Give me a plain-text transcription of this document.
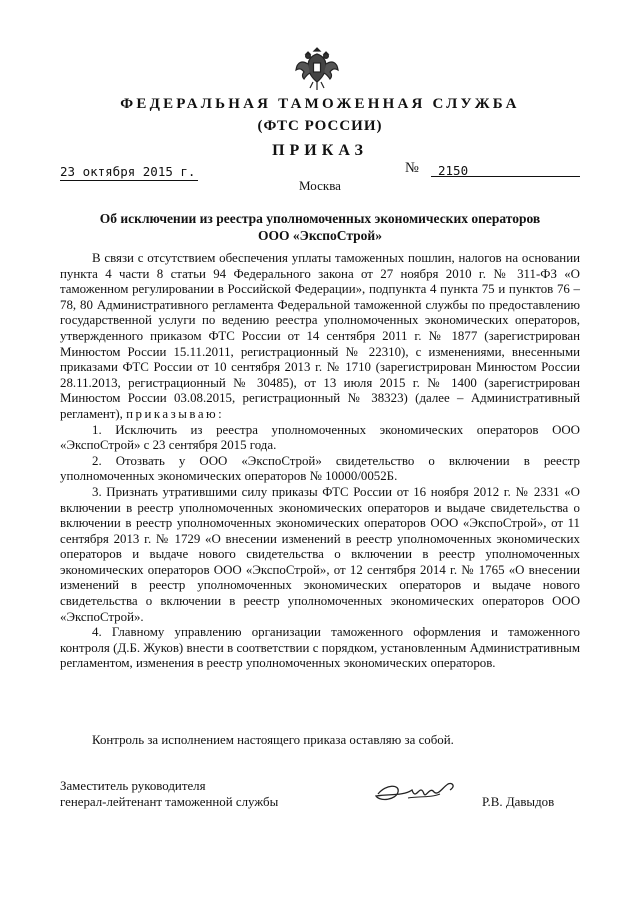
ФЕДЕРАЛЬНАЯ ТАМОЖЕННАЯ СЛУЖБА
(ФТС РОССИИ)
ПРИКАЗ
23 октября 2015 г.	№ 2150
Москва
Об исключении из реестра уполномоченных экономических операторов
ООО «ЭкспоСтрой»

В связи с отсутствием обеспечения уплаты таможенных пошлин, налогов на основании пункта 4 части 8 статьи 94 Федерального закона от 27 ноября 2010 г. № 311-ФЗ «О таможенном регулировании в Российской Федерации», подпункта 4 пункта 75 и пунктов 76 – 78, 80 Административного регламента Федеральной таможенной службы по предоставлению государственной услуги по ведению реестра уполномоченных экономических операторов, утвержденного приказом ФТС России от 14 сентября 2011 г. № 1877 (зарегистрирован Минюстом России 15.11.2011, регистрационный № 22310), с изменениями, внесенными приказами ФТС России от 10 сентября 2013 г. № 1710 (зарегистрирован Минюстом России 28.11.2013, регистрационный № 30485), от 13 июля 2015 г. № 1400 (зарегистрирован Минюстом России 03.08.2015, регистрационный № 38323) (далее – Административный регламент), приказываю:

1. Исключить из реестра уполномоченных экономических операторов ООО «ЭкспоСтрой» с 23 сентября 2015 года.

2. Отозвать у ООО «ЭкспоСтрой» свидетельство о включении в реестр уполномоченных экономических операторов № 10000/0052Б.

3. Признать утратившими силу приказы ФТС России от 16 ноября 2012 г. № 2331 «О включении в реестр уполномоченных экономических операторов и выдаче свидетельства о включении в реестр уполномоченных экономических операторов ООО «ЭкспоСтрой», от 11 сентября 2013 г. № 1729 «О внесении изменений в реестр уполномоченных экономических операторов и выдаче нового свидетельства о включении в реестр уполномоченных экономических операторов ООО «ЭкспоСтрой», от 12 сентября 2014 г. № 1765 «О внесении изменений в реестр уполномоченных экономических операторов и выдаче нового свидетельства о включении в реестр уполномоченных экономических операторов ООО «ЭкспоСтрой».

4. Главному управлению организации таможенного оформления и таможенного контроля (Д.Б. Жуков) внести в соответствии с порядком, установленным Административным регламентом, изменения в реестр уполномоченных экономических операторов.

Контроль за исполнением настоящего приказа оставляю за собой.
Заместитель руководителя
генерал-лейтенант таможенной службы	Р.В. Давыдов
